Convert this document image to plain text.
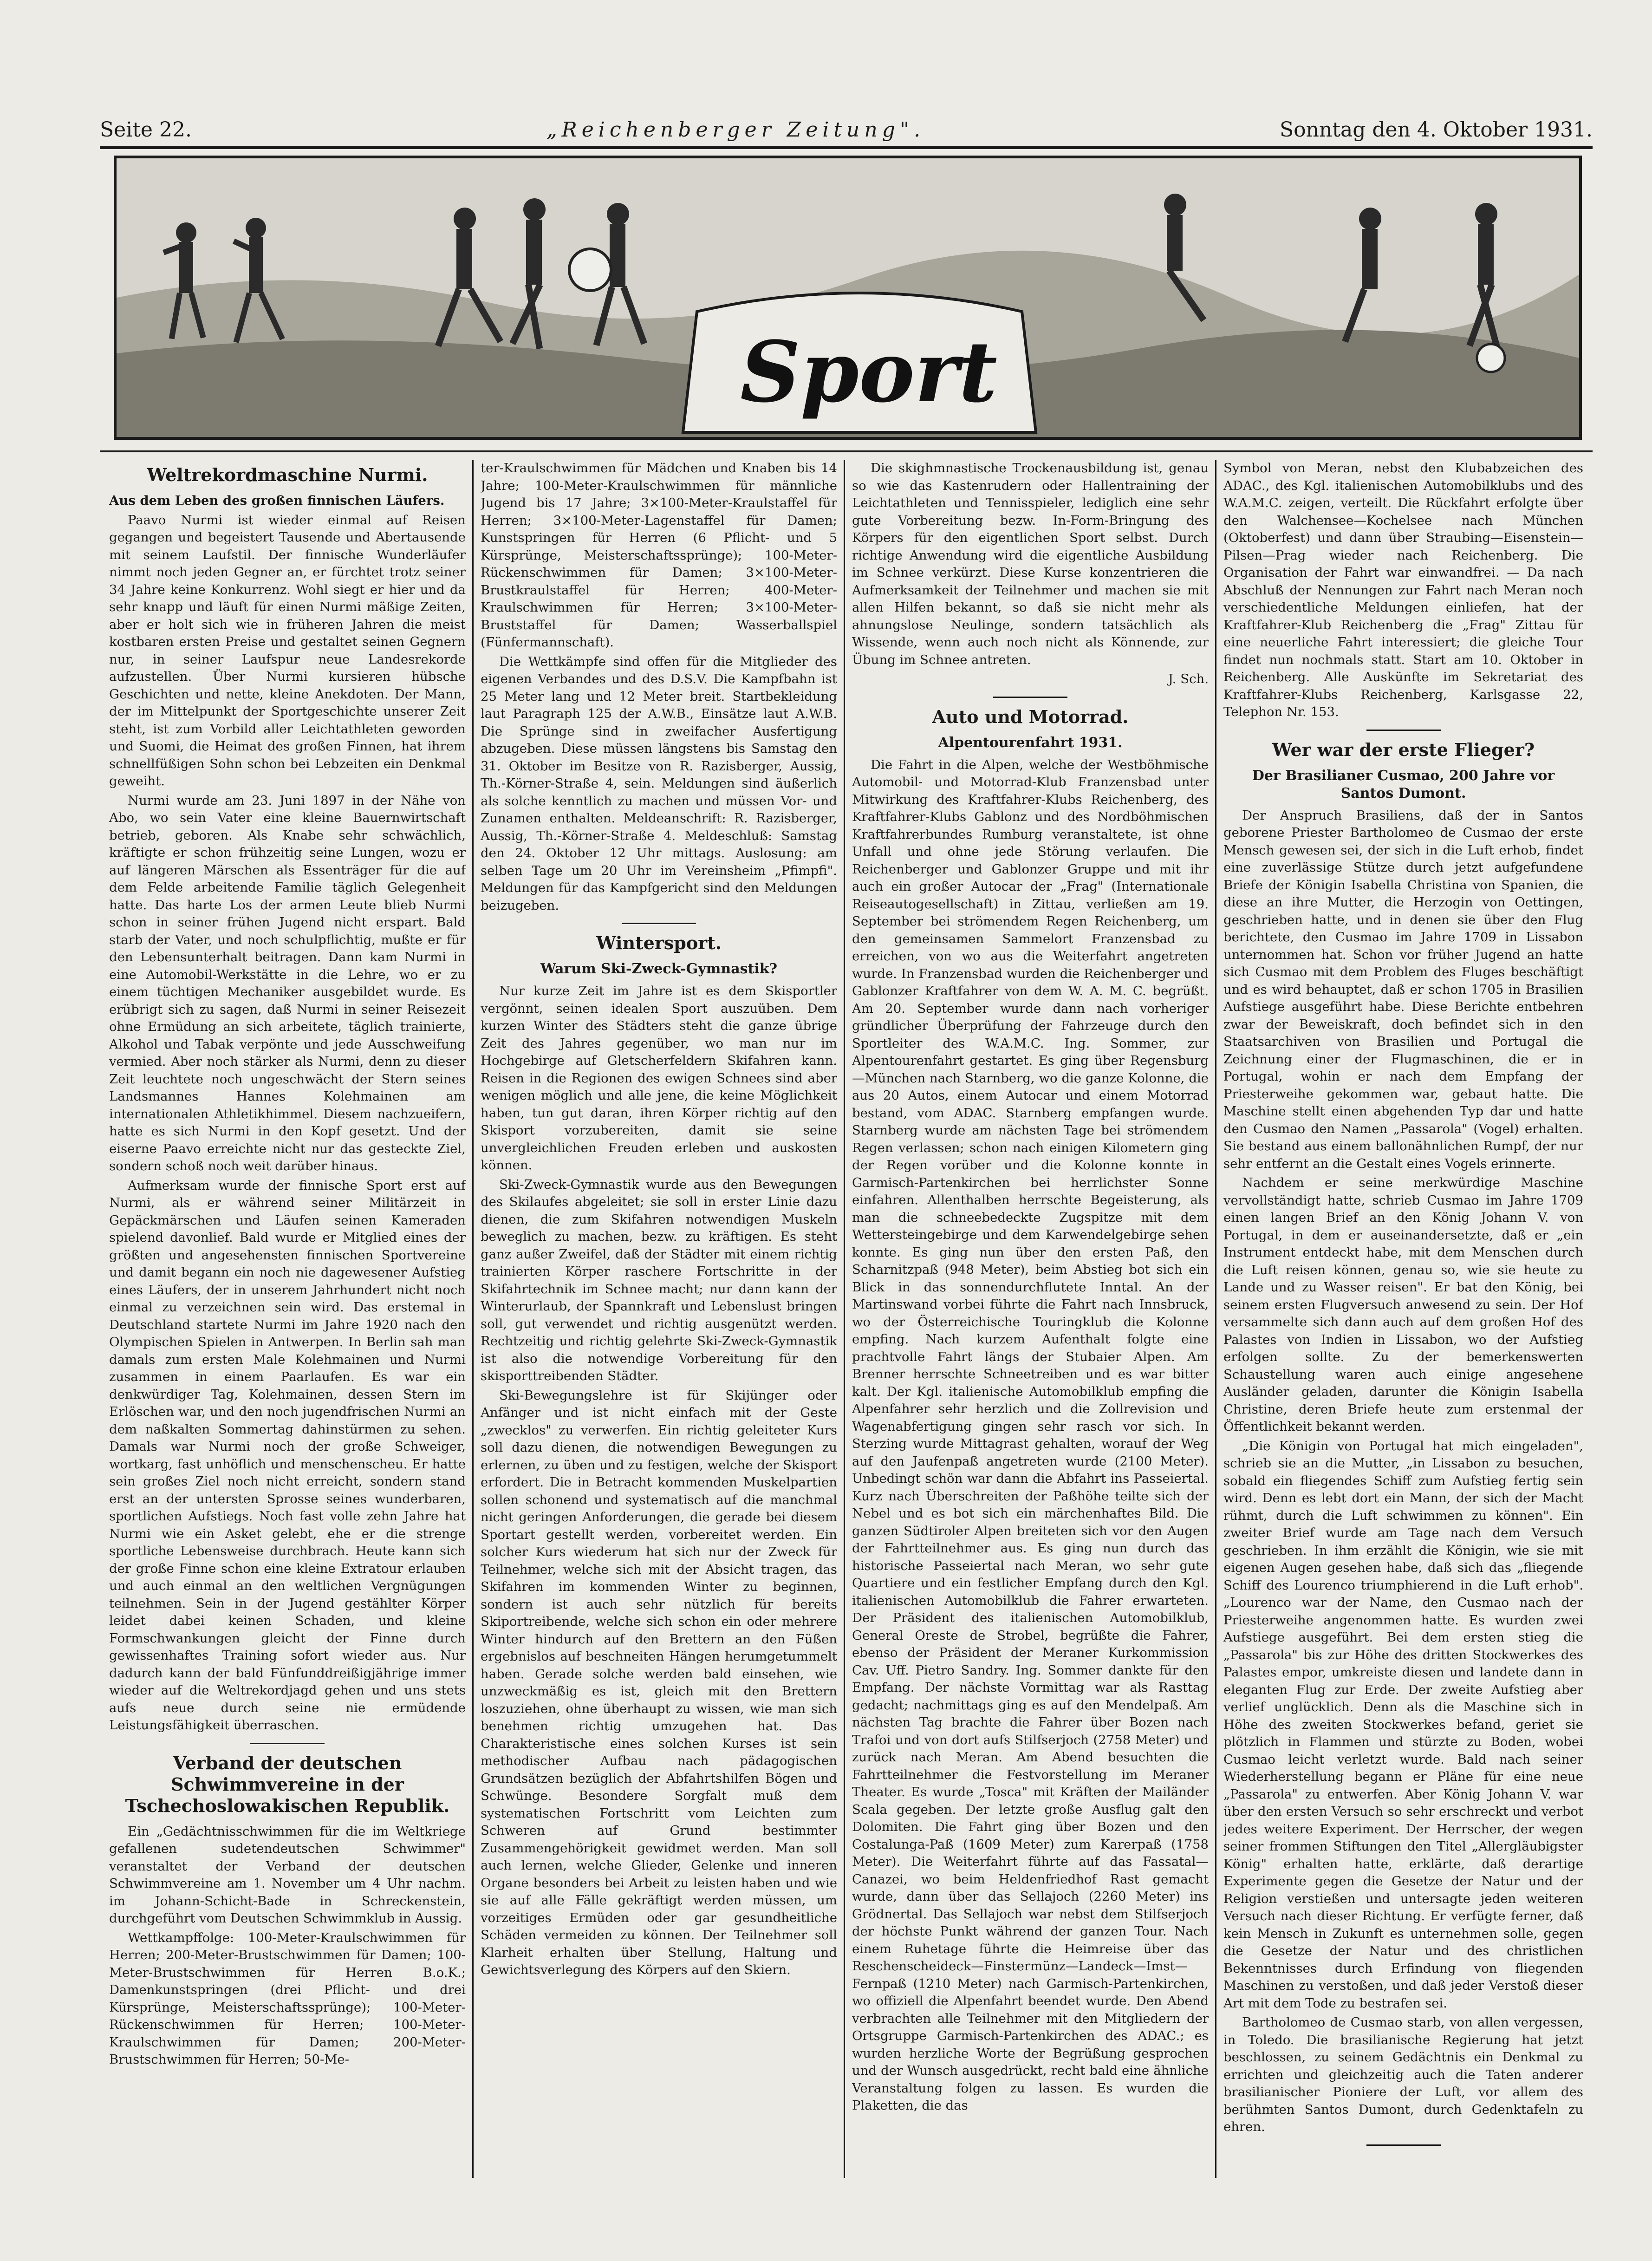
Seite 22.	„Reichenberger Zeitung".	Sonntag den 4. Oktober 1931.
Sport
Weltrekordmaschine Nurmi.

Aus dem Leben des großen finnischen Läufers.

Paavo Nurmi ist wieder einmal auf Reisen gegangen und begeistert Tausende und Abertausende mit seinem Laufstil. Der finnische Wunderläufer nimmt noch jeden Gegner an, er fürchtet trotz seiner 34 Jahre keine Konkurrenz. Wohl siegt er hier und da sehr knapp und läuft für einen Nurmi mäßige Zeiten, aber er holt sich wie in früheren Jahren die meist kostbaren ersten Preise und gestaltet seinen Gegnern nur, in seiner Laufspur neue Landesrekorde aufzustellen. Über Nurmi kursieren hübsche Geschichten und nette, kleine Anekdoten. Der Mann, der im Mittelpunkt der Sportgeschichte unserer Zeit steht, ist zum Vorbild aller Leichtathleten geworden und Suomi, die Heimat des großen Finnen, hat ihrem schnellfüßigen Sohn schon bei Lebzeiten ein Denkmal geweiht.

Nurmi wurde am 23. Juni 1897 in der Nähe von Abo, wo sein Vater eine kleine Bauernwirtschaft betrieb, geboren. Als Knabe sehr schwächlich, kräftigte er schon frühzeitig seine Lungen, wozu er auf längeren Märschen als Essenträger für die auf dem Felde arbeitende Familie täglich Gelegenheit hatte. Das harte Los der armen Leute blieb Nurmi schon in seiner frühen Jugend nicht erspart. Bald starb der Vater, und noch schulpflichtig, mußte er für den Lebensunterhalt beitragen. Dann kam Nurmi in eine Automobil-Werkstätte in die Lehre, wo er zu einem tüchtigen Mechaniker ausgebildet wurde. Es erübrigt sich zu sagen, daß Nurmi in seiner Reisezeit ohne Ermüdung an sich arbeitete, täglich trainierte, Alkohol und Tabak verpönte und jede Ausschweifung vermied. Aber noch stärker als Nurmi, denn zu dieser Zeit leuchtete noch ungeschwächt der Stern seines Landsmannes Hannes Kolehmainen am internationalen Athletikhimmel. Diesem nachzueifern, hatte es sich Nurmi in den Kopf gesetzt. Und der eiserne Paavo erreichte nicht nur das gesteckte Ziel, sondern schoß noch weit darüber hinaus.

Aufmerksam wurde der finnische Sport erst auf Nurmi, als er während seiner Militärzeit in Gepäckmärschen und Läufen seinen Kameraden spielend davonlief. Bald wurde er Mitglied eines der größten und angesehensten finnischen Sportvereine und damit begann ein noch nie dagewesener Aufstieg eines Läufers, der in unserem Jahrhundert nicht noch einmal zu verzeichnen sein wird. Das erstemal in Deutschland startete Nurmi im Jahre 1920 nach den Olympischen Spielen in Antwerpen. In Berlin sah man damals zum ersten Male Kolehmainen und Nurmi zusammen in einem Paarlaufen. Es war ein denkwürdiger Tag, Kolehmainen, dessen Stern im Erlöschen war, und den noch jugendfrischen Nurmi an dem naßkalten Sommertag dahinstürmen zu sehen. Damals war Nurmi noch der große Schweiger, wortkarg, fast unhöflich und menschenscheu. Er hatte sein großes Ziel noch nicht erreicht, sondern stand erst an der untersten Sprosse seines wunderbaren, sportlichen Aufstiegs. Noch fast volle zehn Jahre hat Nurmi wie ein Asket gelebt, ehe er die strenge sportliche Lebensweise durchbrach. Heute kann sich der große Finne schon eine kleine Extratour erlauben und auch einmal an den weltlichen Vergnügungen teilnehmen. Sein in der Jugend gestählter Körper leidet dabei keinen Schaden, und kleine Formschwankungen gleicht der Finne durch gewissenhaftes Training sofort wieder aus. Nur dadurch kann der bald Fünfunddreißigjährige immer wieder auf die Weltrekordjagd gehen und uns stets aufs neue durch seine nie ermüdende Leistungsfähigkeit überraschen.

Verband der deutschen Schwimmvereine in der Tschechoslowakischen Republik.

Ein „Gedächtnisschwimmen für die im Weltkriege gefallenen sudetendeutschen Schwimmer" veranstaltet der Verband der deutschen Schwimmvereine am 1. November um 4 Uhr nachm. im Johann-Schicht-Bade in Schreckenstein, durchgeführt vom Deutschen Schwimmklub in Aussig.

Wettkampffolge: 100-Meter-Kraulschwimmen für Herren; 200-Meter-Brustschwimmen für Damen; 100-Meter-Brustschwimmen für Herren B.o.K.; Damenkunstspringen (drei Pflicht- und drei Kürsprünge, Meisterschaftssprünge); 100-Meter-Rückenschwimmen für Herren; 100-Meter-Kraulschwimmen für Damen; 200-Meter-Brustschwimmen für Herren; 50-Me-

ter-Kraulschwimmen für Mädchen und Knaben bis 14 Jahre; 100-Meter-Kraulschwimmen für männliche Jugend bis 17 Jahre; 3×100-Meter-Kraulstaffel für Herren; 3×100-Meter-Lagenstaffel für Damen; Kunstspringen für Herren (6 Pflicht- und 5 Kürsprünge, Meisterschaftssprünge); 100-Meter-Rückenschwimmen für Damen; 3×100-Meter-Brustkraulstaffel für Herren; 400-Meter-Kraulschwimmen für Herren; 3×100-Meter-Bruststaffel für Damen; Wasserballspiel (Fünfermannschaft).

Die Wettkämpfe sind offen für die Mitglieder des eigenen Verbandes und des D.S.V. Die Kampfbahn ist 25 Meter lang und 12 Meter breit. Startbekleidung laut Paragraph 125 der A.W.B., Einsätze laut A.W.B. Die Sprünge sind in zweifacher Ausfertigung abzugeben. Diese müssen längstens bis Samstag den 31. Oktober im Besitze von R. Razisberger, Aussig, Th.-Körner-Straße 4, sein. Meldungen sind äußerlich als solche kenntlich zu machen und müssen Vor- und Zunamen enthalten. Meldeanschrift: R. Razisberger, Aussig, Th.-Körner-Straße 4. Meldeschluß: Samstag den 24. Oktober 12 Uhr mittags. Auslosung: am selben Tage um 20 Uhr im Vereinsheim „Pfimpfi". Meldungen für das Kampfgericht sind den Meldungen beizugeben.

Wintersport.
Warum Ski-Zweck-Gymnastik?

Nur kurze Zeit im Jahre ist es dem Skisportler vergönnt, seinen idealen Sport auszuüben. Dem kurzen Winter des Städters steht die ganze übrige Zeit des Jahres gegenüber, wo man nur im Hochgebirge auf Gletscherfeldern Skifahren kann. Reisen in die Regionen des ewigen Schnees sind aber wenigen möglich und alle jene, die keine Möglichkeit haben, tun gut daran, ihren Körper richtig auf den Skisport vorzubereiten, damit sie seine unvergleichlichen Freuden erleben und auskosten können.

Ski-Zweck-Gymnastik wurde aus den Bewegungen des Skilaufes abgeleitet; sie soll in erster Linie dazu dienen, die zum Skifahren notwendigen Muskeln beweglich zu machen, bezw. zu kräftigen. Es steht ganz außer Zweifel, daß der Städter mit einem richtig trainierten Körper raschere Fortschritte in der Skifahrtechnik im Schnee macht; nur dann kann der Winterurlaub, der Spannkraft und Lebenslust bringen soll, gut verwendet und richtig ausgenützt werden. Rechtzeitig und richtig gelehrte Ski-Zweck-Gymnastik ist also die notwendige Vorbereitung für den skisporttreibenden Städter.

Ski-Bewegungslehre ist für Skijünger oder Anfänger und ist nicht einfach mit der Geste „zwecklos" zu verwerfen. Ein richtig geleiteter Kurs soll dazu dienen, die notwendigen Bewegungen zu erlernen, zu üben und zu festigen, welche der Skisport erfordert. Die in Betracht kommenden Muskelpartien sollen schonend und systematisch auf die manchmal nicht geringen Anforderungen, die gerade bei diesem Sportart gestellt werden, vorbereitet werden. Ein solcher Kurs wiederum hat sich nur der Zweck für Teilnehmer, welche sich mit der Absicht tragen, das Skifahren im kommenden Winter zu beginnen, sondern ist auch sehr nützlich für bereits Skiportreibende, welche sich schon ein oder mehrere Winter hindurch auf den Brettern an den Füßen ergebnislos auf beschneiten Hängen herumgetummelt haben. Gerade solche werden bald einsehen, wie unzweckmäßig es ist, gleich mit den Brettern loszuziehen, ohne überhaupt zu wissen, wie man sich benehmen richtig umzugehen hat. Das Charakteristische eines solchen Kurses ist sein methodischer Aufbau nach pädagogischen Grundsätzen bezüglich der Abfahrtshilfen Bögen und Schwünge. Besondere Sorgfalt muß dem systematischen Fortschritt vom Leichten zum Schweren auf Grund bestimmter Zusammengehörigkeit gewidmet werden. Man soll auch lernen, welche Glieder, Gelenke und inneren Organe besonders bei Arbeit zu leisten haben und wie sie auf alle Fälle gekräftigt werden müssen, um vorzeitiges Ermüden oder gar gesundheitliche Schäden vermeiden zu können. Der Teilnehmer soll Klarheit erhalten über Stellung, Haltung und Gewichtsverlegung des Körpers auf den Skiern.

Die skighmnastische Trockenausbildung ist, genau so wie das Kastenrudern oder Hallentraining der Leichtathleten und Tennisspieler, lediglich eine sehr gute Vorbereitung bezw. In-Form-Bringung des Körpers für den eigentlichen Sport selbst. Durch richtige Anwendung wird die eigentliche Ausbildung im Schnee verkürzt. Diese Kurse konzentrieren die Aufmerksamkeit der Teilnehmer und machen sie mit allen Hilfen bekannt, so daß sie nicht mehr als ahnungslose Neulinge, sondern tatsächlich als Wissende, wenn auch noch nicht als Könnende, zur Übung im Schnee antreten.

J. Sch.

Auto und Motorrad.
Alpentourenfahrt 1931.

Die Fahrt in die Alpen, welche der Westböhmische Automobil- und Motorrad-Klub Franzensbad unter Mitwirkung des Kraftfahrer-Klubs Reichenberg, des Kraftfahrer-Klubs Gablonz und des Nordböhmischen Kraftfahrerbundes Rumburg veranstaltete, ist ohne Unfall und ohne jede Störung verlaufen. Die Reichenberger und Gablonzer Gruppe und mit ihr auch ein großer Autocar der „Frag" (Internationale Reiseautogesellschaft) in Zittau, verließen am 19. September bei strömendem Regen Reichenberg, um den gemeinsamen Sammelort Franzensbad zu erreichen, von wo aus die Weiterfahrt angetreten wurde. In Franzensbad wurden die Reichenberger und Gablonzer Kraftfahrer von dem W. A. M. C. begrüßt. Am 20. September wurde dann nach vorheriger gründlicher Überprüfung der Fahrzeuge durch den Sportleiter des W.A.M.C. Ing. Sommer, zur Alpentourenfahrt gestartet. Es ging über Regensburg—München nach Starnberg, wo die ganze Kolonne, die aus 20 Autos, einem Autocar und einem Motorrad bestand, vom ADAC. Starnberg empfangen wurde. Starnberg wurde am nächsten Tage bei strömendem Regen verlassen; schon nach einigen Kilometern ging der Regen vorüber und die Kolonne konnte in Garmisch-Partenkirchen bei herrlichster Sonne einfahren. Allenthalben herrschte Begeisterung, als man die schneebedeckte Zugspitze mit dem Wettersteingebirge und dem Karwendelgebirge sehen konnte. Es ging nun über den ersten Paß, den Scharnitzpaß (948 Meter), beim Abstieg bot sich ein Blick in das sonnendurchflutete Inntal. An der Martinswand vorbei führte die Fahrt nach Innsbruck, wo der Österreichische Touringklub die Kolonne empfing. Nach kurzem Aufenthalt folgte eine prachtvolle Fahrt längs der Stubaier Alpen. Am Brenner herrschte Schneetreiben und es war bitter kalt. Der Kgl. italienische Automobilklub empfing die Alpenfahrer sehr herzlich und die Zollrevision und Wagenabfertigung gingen sehr rasch vor sich. In Sterzing wurde Mittagrast gehalten, worauf der Weg auf den Jaufenpaß angetreten wurde (2100 Meter). Unbedingt schön war dann die Abfahrt ins Passeiertal. Kurz nach Überschreiten der Paßhöhe teilte sich der Nebel und es bot sich ein märchenhaftes Bild. Die ganzen Südtiroler Alpen breiteten sich vor den Augen der Fahrtteilnehmer aus. Es ging nun durch das historische Passeiertal nach Meran, wo sehr gute Quartiere und ein festlicher Empfang durch den Kgl. italienischen Automobilklub die Fahrer erwarteten. Der Präsident des italienischen Automobilklub, General Oreste de Strobel, begrüßte die Fahrer, ebenso der Präsident der Meraner Kurkommission Cav. Uff. Pietro Sandry. Ing. Sommer dankte für den Empfang. Der nächste Vormittag war als Rasttag gedacht; nachmittags ging es auf den Mendelpaß. Am nächsten Tag brachte die Fahrer über Bozen nach Trafoi und von dort aufs Stilfserjoch (2758 Meter) und zurück nach Meran. Am Abend besuchten die Fahrtteilnehmer die Festvorstellung im Meraner Theater. Es wurde „Tosca" mit Kräften der Mailänder Scala gegeben. Der letzte große Ausflug galt den Dolomiten. Die Fahrt ging über Bozen und den Costalunga-Paß (1609 Meter) zum Karerpaß (1758 Meter). Die Weiterfahrt führte auf das Fassatal—Canazei, wo beim Heldenfriedhof Rast gemacht wurde, dann über das Sellajoch (2260 Meter) ins Grödnertal. Das Sellajoch war nebst dem Stilfserjoch der höchste Punkt während der ganzen Tour. Nach einem Ruhetage führte die Heimreise über das Reschenscheideck—Finstermünz—Landeck—Imst—Fernpaß (1210 Meter) nach Garmisch-Partenkirchen, wo offiziell die Alpenfahrt beendet wurde. Den Abend verbrachten alle Teilnehmer mit den Mitgliedern der Ortsgruppe Garmisch-Partenkirchen des ADAC.; es wurden herzliche Worte der Begrüßung gesprochen und der Wunsch ausgedrückt, recht bald eine ähnliche Veranstaltung folgen zu lassen. Es wurden die Plaketten, die das

Symbol von Meran, nebst den Klubabzeichen des ADAC., des Kgl. italienischen Automobilklubs und des W.A.M.C. zeigen, verteilt. Die Rückfahrt erfolgte über den Walchensee—Kochelsee nach München (Oktoberfest) und dann über Straubing—Eisenstein—Pilsen—Prag wieder nach Reichenberg. Die Organisation der Fahrt war einwandfrei. — Da nach Abschluß der Nennungen zur Fahrt nach Meran noch verschiedentliche Meldungen einliefen, hat der Kraftfahrer-Klub Reichenberg die „Frag" Zittau für eine neuerliche Fahrt interessiert; die gleiche Tour findet nun nochmals statt. Start am 10. Oktober in Reichenberg. Alle Auskünfte im Sekretariat des Kraftfahrer-Klubs Reichenberg, Karlsgasse 22, Telephon Nr. 153.

Wer war der erste Flieger?
Der Brasilianer Cusmao, 200 Jahre vor Santos Dumont.

Der Anspruch Brasiliens, daß der in Santos geborene Priester Bartholomeo de Cusmao der erste Mensch gewesen sei, der sich in die Luft erhob, findet eine zuverlässige Stütze durch jetzt aufgefundene Briefe der Königin Isabella Christina von Spanien, die diese an ihre Mutter, die Herzogin von Oettingen, geschrieben hatte, und in denen sie über den Flug berichtete, den Cusmao im Jahre 1709 in Lissabon unternommen hat. Schon vor früher Jugend an hatte sich Cusmao mit dem Problem des Fluges beschäftigt und es wird behauptet, daß er schon 1705 in Brasilien Aufstiege ausgeführt habe. Diese Berichte entbehren zwar der Beweiskraft, doch befindet sich in den Staatsarchiven von Brasilien und Portugal die Zeichnung einer der Flugmaschinen, die er in Portugal, wohin er nach dem Empfang der Priesterweihe gekommen war, gebaut hatte. Die Maschine stellt einen abgehenden Typ dar und hatte den Cusmao den Namen „Passarola" (Vogel) erhalten. Sie bestand aus einem ballonähnlichen Rumpf, der nur sehr entfernt an die Gestalt eines Vogels erinnerte.

Nachdem er seine merkwürdige Maschine vervollständigt hatte, schrieb Cusmao im Jahre 1709 einen langen Brief an den König Johann V. von Portugal, in dem er auseinandersetzte, daß er „ein Instrument entdeckt habe, mit dem Menschen durch die Luft reisen können, genau so, wie sie heute zu Lande und zu Wasser reisen". Er bat den König, bei seinem ersten Flugversuch anwesend zu sein. Der Hof versammelte sich dann auch auf dem großen Hof des Palastes von Indien in Lissabon, wo der Aufstieg erfolgen sollte. Zu der bemerkenswerten Schaustellung waren auch einige angesehene Ausländer geladen, darunter die Königin Isabella Christine, deren Briefe heute zum erstenmal der Öffentlichkeit bekannt werden.

„Die Königin von Portugal hat mich eingeladen", schrieb sie an die Mutter, „in Lissabon zu besuchen, sobald ein fliegendes Schiff zum Aufstieg fertig sein wird. Denn es lebt dort ein Mann, der sich der Macht rühmt, durch die Luft schwimmen zu können". Ein zweiter Brief wurde am Tage nach dem Versuch geschrieben. In ihm erzählt die Königin, wie sie mit eigenen Augen gesehen habe, daß sich das „fliegende Schiff des Lourenco triumphierend in die Luft erhob". „Lourenco war der Name, den Cusmao nach der Priesterweihe angenommen hatte. Es wurden zwei Aufstiege ausgeführt. Bei dem ersten stieg die „Passarola" bis zur Höhe des dritten Stockwerkes des Palastes empor, umkreiste diesen und landete dann in eleganten Flug zur Erde. Der zweite Aufstieg aber verlief unglücklich. Denn als die Maschine sich in Höhe des zweiten Stockwerkes befand, geriet sie plötzlich in Flammen und stürzte zu Boden, wobei Cusmao leicht verletzt wurde. Bald nach seiner Wiederherstellung begann er Pläne für eine neue „Passarola" zu entwerfen. Aber König Johann V. war über den ersten Versuch so sehr erschreckt und verbot jedes weitere Experiment. Der Herrscher, der wegen seiner frommen Stiftungen den Titel „Allergläubigster König" erhalten hatte, erklärte, daß derartige Experimente gegen die Gesetze der Natur und der Religion verstießen und untersagte jeden weiteren Versuch nach dieser Richtung. Er verfügte ferner, daß kein Mensch in Zukunft es unternehmen solle, gegen die Gesetze der Natur und des christlichen Bekenntnisses durch Erfindung von fliegenden Maschinen zu verstoßen, und daß jeder Verstoß dieser Art mit dem Tode zu bestrafen sei.

Bartholomeo de Cusmao starb, von allen vergessen, in Toledo. Die brasilianische Regierung hat jetzt beschlossen, zu seinem Gedächtnis ein Denkmal zu errichten und gleichzeitig auch die Taten anderer brasilianischer Pioniere der Luft, vor allem des berühmten Santos Dumont, durch Gedenktafeln zu ehren.
